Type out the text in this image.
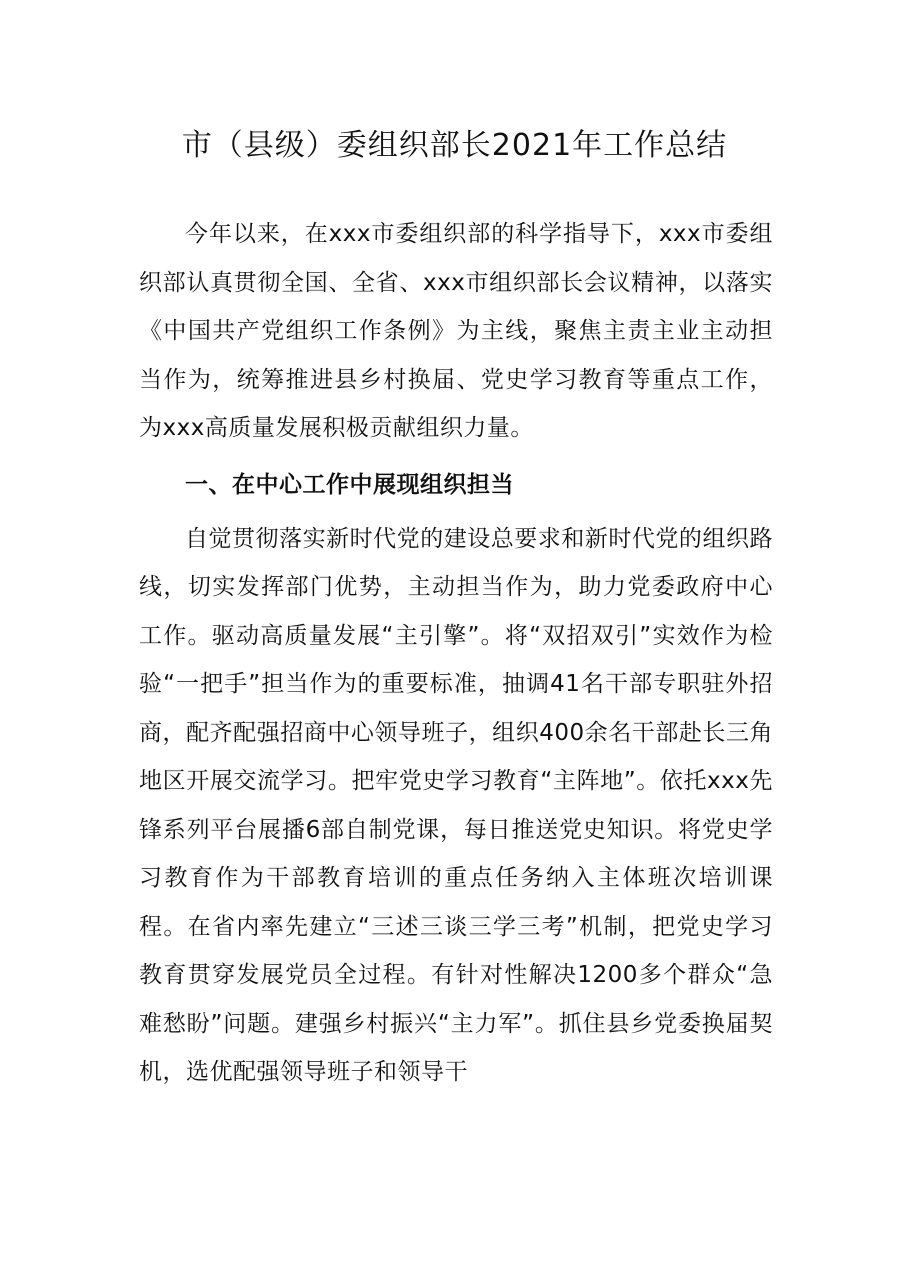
市（县级）委组织部长2021年工作总结

今年以来，在xxx市委组织部的科学指导下，xxx市委组织部认真贯彻全国、全省、xxx市组织部长会议精神，以落实《中国共产党组织工作条例》为主线，聚焦主责主业主动担当作为，统筹推进县乡村换届、党史学习教育等重点工作，为xxx高质量发展积极贡献组织力量。

一、在中心工作中展现组织担当

自觉贯彻落实新时代党的建设总要求和新时代党的组织路线，切实发挥部门优势，主动担当作为，助力党委政府中心工作。驱动高质量发展“主引擎”。将“双招双引”实效作为检验“一把手”担当作为的重要标准，抽调41名干部专职驻外招商，配齐配强招商中心领导班子，组织400余名干部赴长三角地区开展交流学习。把牢党史学习教育“主阵地”。依托xxx先锋系列平台展播6部自制党课，每日推送党史知识。将党史学习教育作为干部教育培训的重点任务纳入主体班次培训课程。在省内率先建立“三述三谈三学三考”机制，把党史学习教育贯穿发展党员全过程。有针对性解决1200多个群众“急难愁盼”问题。建强乡村振兴“主力军”。抓住县乡党委换届契机，选优配强领导班子和领导干
